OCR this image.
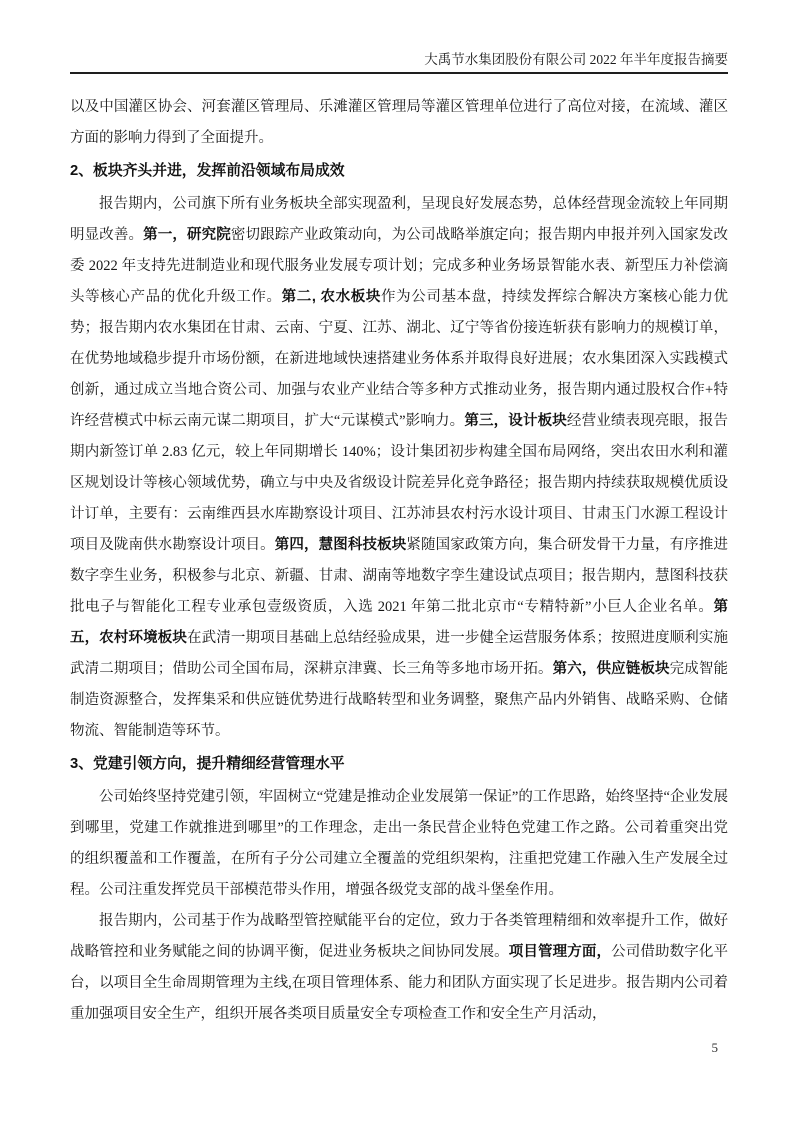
大禹节水集团股份有限公司 2022 年半年度报告摘要

以及中国灌区协会、河套灌区管理局、乐滩灌区管理局等灌区管理单位进行了高位对接，在流域、灌区方面的影响力得到了全面提升。

2、板块齐头并进，发挥前沿领域布局成效

报告期内，公司旗下所有业务板块全部实现盈利，呈现良好发展态势，总体经营现金流较上年同期明显改善。第一，研究院密切跟踪产业政策动向，为公司战略举旗定向；报告期内申报并列入国家发改委 2022 年支持先进制造业和现代服务业发展专项计划；完成多种业务场景智能水表、新型压力补偿滴头等核心产品的优化升级工作。第二, 农水板块作为公司基本盘，持续发挥综合解决方案核心能力优势；报告期内农水集团在甘肃、云南、宁夏、江苏、湖北、辽宁等省份接连斩获有影响力的规模订单，在优势地域稳步提升市场份额，在新进地域快速搭建业务体系并取得良好进展；农水集团深入实践模式创新，通过成立当地合资公司、加强与农业产业结合等多种方式推动业务，报告期内通过股权合作+特许经营模式中标云南元谋二期项目，扩大“元谋模式”影响力。第三，设计板块经营业绩表现亮眼，报告期内新签订单 2.83 亿元，较上年同期增长 140%；设计集团初步构建全国布局网络，突出农田水利和灌区规划设计等核心领域优势，确立与中央及省级设计院差异化竞争路径；报告期内持续获取规模优质设计订单，主要有：云南维西县水库勘察设计项目、江苏沛县农村污水设计项目、甘肃玉门水源工程设计项目及陇南供水勘察设计项目。第四，慧图科技板块紧随国家政策方向，集合研发骨干力量，有序推进数字孪生业务，积极参与北京、新疆、甘肃、湖南等地数字孪生建设试点项目；报告期内，慧图科技获批电子与智能化工程专业承包壹级资质，入选 2021 年第二批北京市“专精特新”小巨人企业名单。第五，农村环境板块在武清一期项目基础上总结经验成果，进一步健全运营服务体系；按照进度顺利实施武清二期项目；借助公司全国布局，深耕京津冀、长三角等多地市场开拓。第六，供应链板块完成智能制造资源整合，发挥集采和供应链优势进行战略转型和业务调整，聚焦产品内外销售、战略采购、仓储物流、智能制造等环节。

3、党建引领方向，提升精细经营管理水平

公司始终坚持党建引领，牢固树立“党建是推动企业发展第一保证”的工作思路，始终坚持“企业发展到哪里，党建工作就推进到哪里”的工作理念，走出一条民营企业特色党建工作之路。公司着重突出党的组织覆盖和工作覆盖，在所有子分公司建立全覆盖的党组织架构，注重把党建工作融入生产发展全过程。公司注重发挥党员干部模范带头作用，增强各级党支部的战斗堡垒作用。

报告期内，公司基于作为战略型管控赋能平台的定位，致力于各类管理精细和效率提升工作，做好战略管控和业务赋能之间的协调平衡，促进业务板块之间协同发展。项目管理方面，公司借助数字化平台，以项目全生命周期管理为主线,在项目管理体系、能力和团队方面实现了长足进步。报告期内公司着重加强项目安全生产，组织开展各类项目质量安全专项检查工作和安全生产月活动，

5
